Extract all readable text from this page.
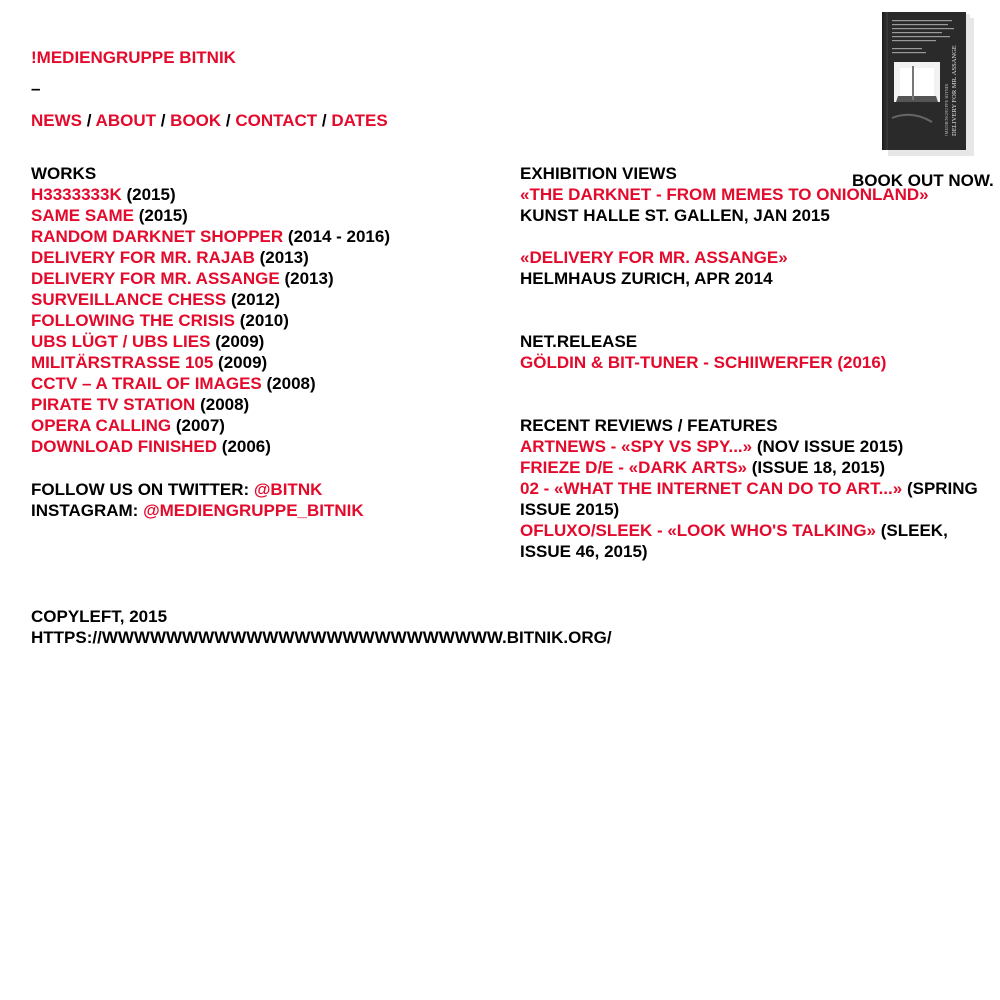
!MEDIENGRUPPE BITNIK
–
NEWS / ABOUT / BOOK / CONTACT / DATES
WORKS
H3333333K (2015)
SAME SAME (2015)
RANDOM DARKNET SHOPPER (2014 - 2016)
DELIVERY FOR MR. RAJAB (2013)
DELIVERY FOR MR. ASSANGE (2013)
SURVEILLANCE CHESS (2012)
FOLLOWING THE CRISIS (2010)
UBS LÜGT / UBS LIES (2009)
MILITÄRSTRASSE 105 (2009)
CCTV – A TRAIL OF IMAGES (2008)
PIRATE TV STATION (2008)
OPERA CALLING (2007)
DOWNLOAD FINISHED (2006)
FOLLOW US ON TWITTER: @BITNK
INSTAGRAM: @MEDIENGRUPPE_BITNIK
COPYLEFT, 2015
HTTPS://WWWWWWWWWWWWWWWWWWWWWWWWW.BITNIK.ORG/
EXHIBITION VIEWS
«THE DARKNET - FROM MEMES TO ONIONLAND»
KUNST HALLE ST. GALLEN, JAN 2015
«DELIVERY FOR MR. ASSANGE»
HELMHAUS ZURICH, APR 2014
NET.RELEASE
GÖLDIN & BIT-TUNER - SCHIIWERFER (2016)
RECENT REVIEWS / FEATURES
ARTNEWS - «SPY VS SPY...» (NOV ISSUE 2015)
FRIEZE D/E - «DARK ARTS» (ISSUE 18, 2015)
02 - «WHAT THE INTERNET CAN DO TO ART...» (SPRING ISSUE 2015)
OFLUXO/SLEEK - «LOOK WHO'S TALKING» (SLEEK, ISSUE 46, 2015)
DELIVERY FOR MR. ASSANGE
!MEDIENGRUPPE BITNIK
BOOK OUT NOW.
